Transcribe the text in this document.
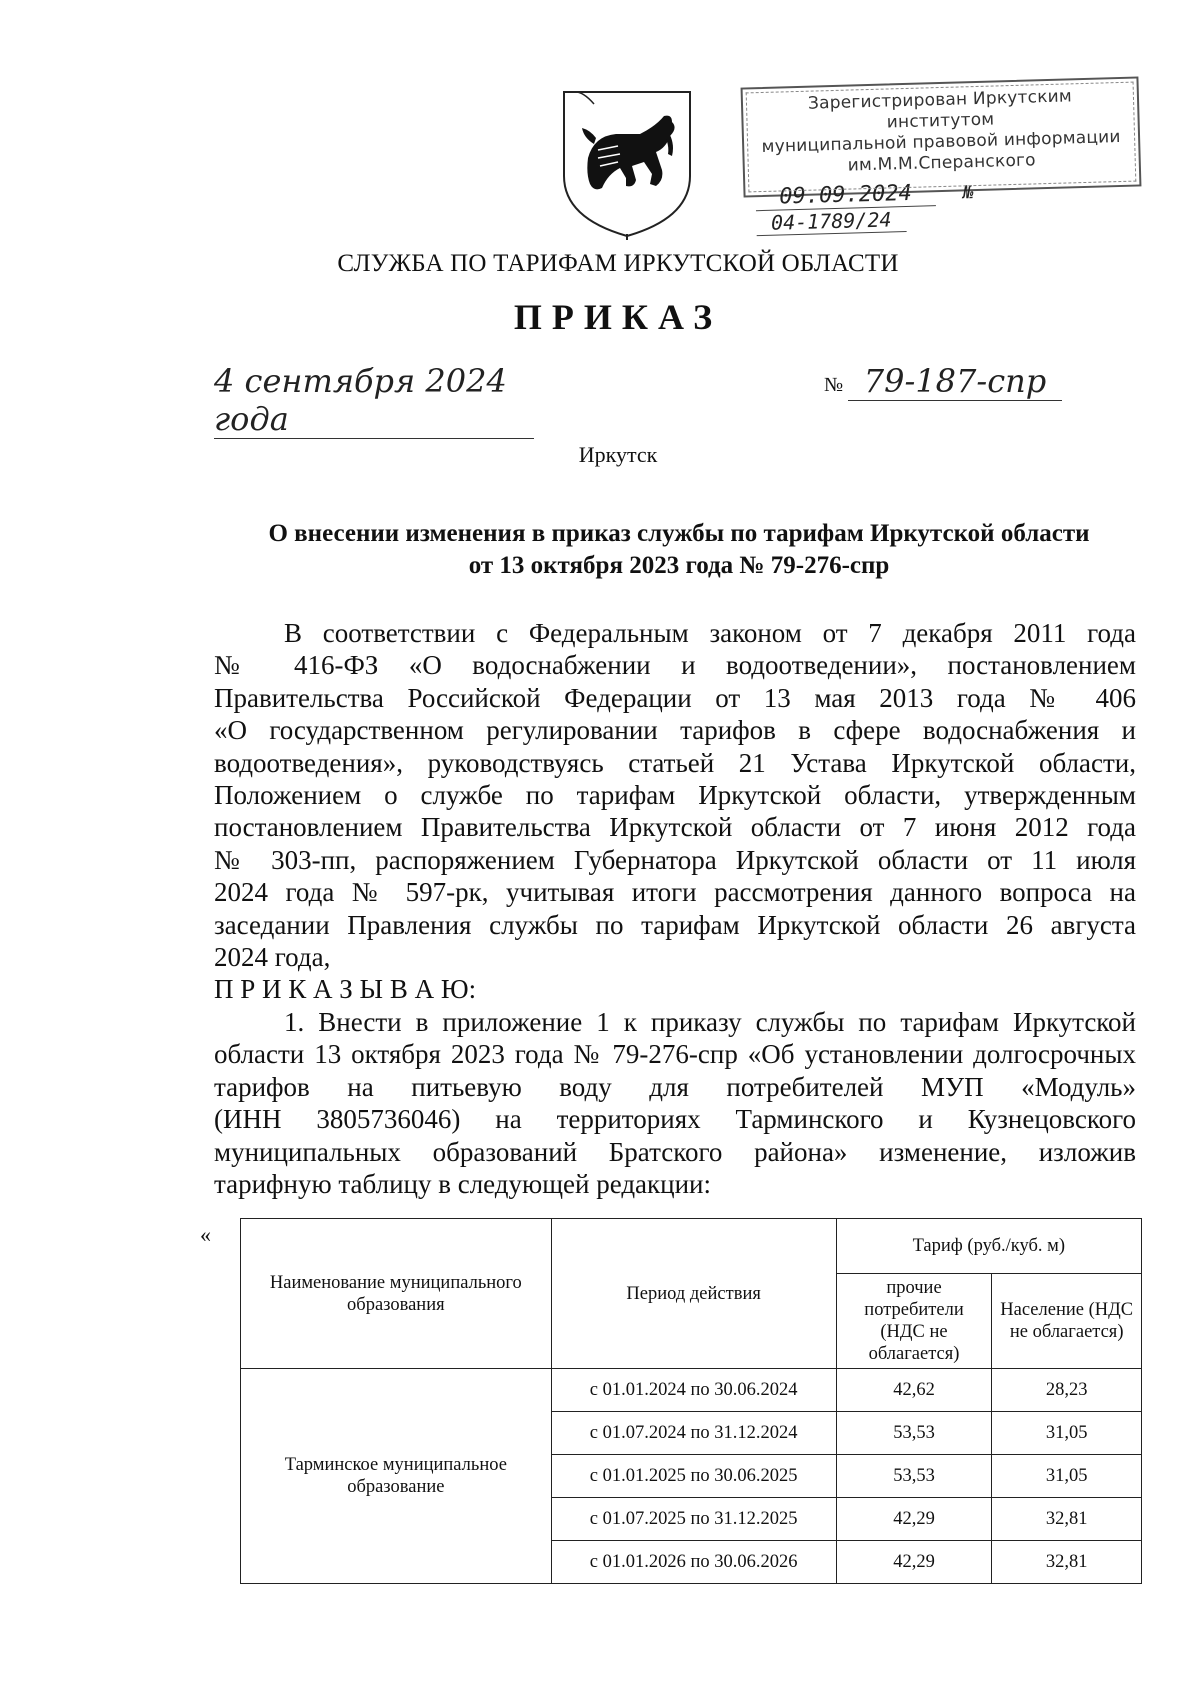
Зарегистрирован Иркутским институтом
муниципальной правовой информации
им.М.М.Сперанского
09.09.2024	№ 04-1789/24
СЛУЖБА ПО ТАРИФАМ ИРКУТСКОЙ ОБЛАСТИ
ПРИКАЗ
4 сентября 2024 года
№ 79-187-спр
Иркутск
О внесении изменения в приказ службы по тарифам Иркутской области
от 13 октября 2023 года № 79-276-спр
В соответствии с Федеральным законом от 7 декабря 2011 года
№ 416-ФЗ «О водоснабжении и водоотведении», постановлением
Правительства Российской Федерации от 13 мая 2013 года № 406
«О государственном регулировании тарифов в сфере водоснабжения и
водоотведения», руководствуясь статьей 21 Устава Иркутской области,
Положением о службе по тарифам Иркутской области, утвержденным
постановлением Правительства Иркутской области от 7 июня 2012 года
№ 303-пп, распоряжением Губернатора Иркутской области от 11 июля
2024 года № 597-рк, учитывая итоги рассмотрения данного вопроса на
заседании Правления службы по тарифам Иркутской области 26 августа
2024 года,
П Р И К А З Ы В А Ю:
1. Внести в приложение 1 к приказу службы по тарифам Иркутской
области 13 октября 2023 года № 79-276-спр «Об установлении долгосрочных
тарифов на питьевую воду для потребителей МУП «Модуль»
(ИНН 3805736046) на территориях Тарминского и Кузнецовского
муниципальных образований Братского района» изменение, изложив
тарифную таблицу в следующей редакции:
«
Наименование муниципального образования	Период действия	Тариф (руб./куб. м)	
		прочие потребители (НДС не облагается)	Население (НДС не облагается)
Тарминское муниципальное образование	с 01.01.2024 по 30.06.2024	42,62	28,23
	с 01.07.2024 по 31.12.2024	53,53	31,05
	с 01.01.2025 по 30.06.2025	53,53	31,05
	с 01.07.2025 по 31.12.2025	42,29	32,81
	с 01.01.2026 по 30.06.2026	42,29	32,81
